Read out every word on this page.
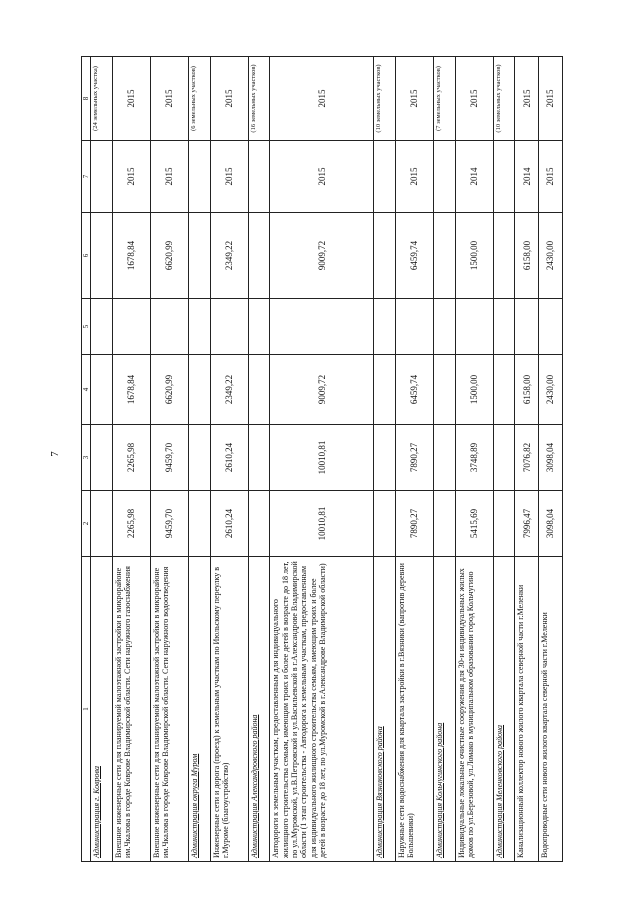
7
1	2	3	4	5	6	7	8
Администрация г. Коврова							(24 земельных участка)
Внешние инженерные сети для планируемой малоэтажной застройки в микрорайоне им.Чкалова в городе Коврове Владимирской области. Сети наружного газоснабжения	2265,98	2265,98	1678,84		1678,84	2015	2015
Внешние инженерные сети для планируемой малоэтажной застройки в микрорайоне им.Чкалова в городе Коврове Владимирской области. Сети наружного водоотведения	9459,70	9459,70	6620,99		6620,99	2015	2015
Администрация округа Муром							(6 земельных участков)
Инженерные сети и дорога (проезд) к земельным участкам по Июльскому переулку в г.Муроме (благоустройство)	2610,24	2610,24	2349,22		2349,22	2015	2015
Администрация Александровского района							(16 земельных участков)
Автодороги к земельным участкам, предоставленным для индивидуального жилищного строительства семьям, имеющим троих и более детей в возрасте до 18 лет, по ул.Муромской, ул.В.Петровской и ул.Васильевской в г.Александрове Владимирской области (1 этап строительства - Автодорога к земельным участкам, предоставленным для индивидуального жилищного строительства семьям, имеющим троих и более детей в возрасте до 18 лет, по ул.Муромской в г.Александрове Владимирской области)	10010,81	10010,81	9009,72		9009,72	2015	2015
Администрация Вязниковского района							(10 земельных участков)
Наружные сети водоснабжения для квартала застройки в г.Вязники (вапротив деревни Большевики)	7890,27	7890,27	6459,74		6459,74	2015	2015
Администрация Кольчугинского района							(7 земельных участков)
Индивидуальные локальные очистные сооружения для 30-и индивидуальных жилых домов по ул.Березовой, ул.Ломако в муниципальном образовании город Кольчугино	5415,69	3748,89	1500,00		1500,00	2014	2015
Администрация Меленковского района							(10 земельных участков)
Канализационный коллектор нового жилого квартала северной части г.Меленки	7996,47	7076,82	6158,00		6158,00	2014	2015
Водопроводные сети нового жилого квартала северной части г.Меленки	3098,04	3098,04	2430,00		2430,00	2015	2015
